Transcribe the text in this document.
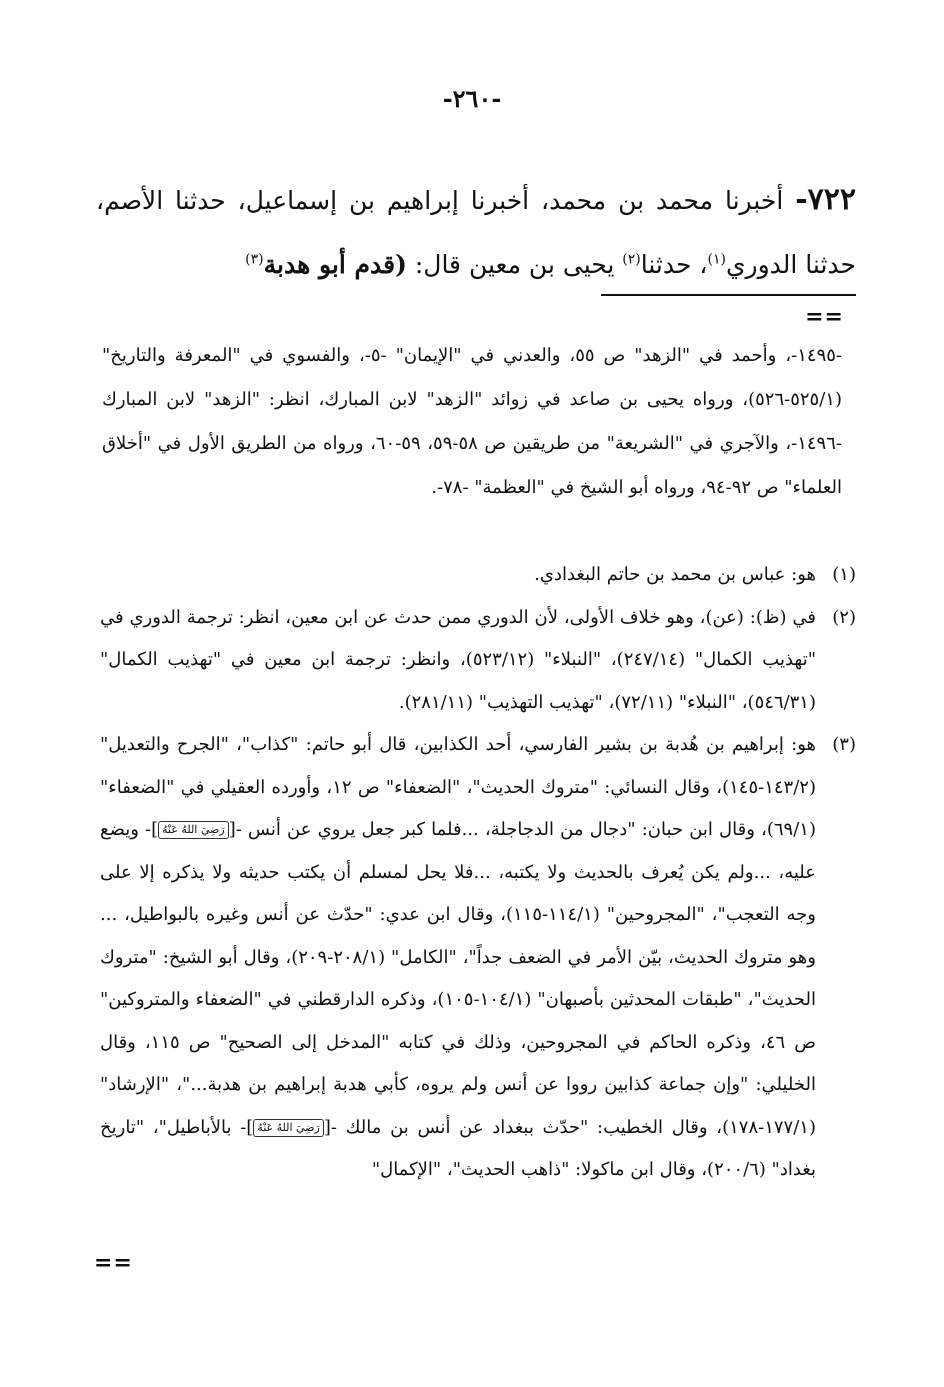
-٢٦٠-
٧٢٢- أخبرنا محمد بن محمد، أخبرنا إبراهيم بن إسماعيل، حدثنا الأصم، حدثنا الدوري$^{(١)}$، حدثنا$^{(٢)}$ يحيى بن معين قال: (قدم أبو هدبة$^{(٣)}$
==
-١٤٩٥-، وأحمد في "الزهد" ص ٥٥، والعدني في "الإيمان" -٥-، والفسوي في "المعرفة والتاريخ" (٥٢٥/١-٥٢٦)، ورواه يحيى بن صاعد في زوائد "الزهد" لابن المبارك، انظر: "الزهد" لابن المبارك -١٤٩٦-، والآجري في "الشريعة" من طريقين ص ٥٨-٥٩، ٥٩-٦٠، ورواه من الطريق الأول في "أخلاق العلماء" ص ٩٢-٩٤، ورواه أبو الشيخ في "العظمة" -٧٨-.

(١)
هو: عباس بن محمد بن حاتم البغدادي.

(٢)
في (ظ): (عن)، وهو خلاف الأولى، لأن الدوري ممن حدث عن ابن معين، انظر: ترجمة الدوري في "تهذيب الكمال" (٢٤٧/١٤)، "النبلاء" (٥٢٣/١٢)، وانظر: ترجمة ابن معين في "تهذيب الكمال" (٥٤٦/٣١)، "النبلاء" (٧٢/١١)، "تهذيب التهذيب" (٢٨١/١١).

(٣)
هو: إبراهيم بن هُدبة بن بشير الفارسي، أحد الكذابين، قال أبو حاتم: "كذاب"، "الجرح والتعديل" (١٤٣/٢-١٤٥)، وقال النسائي: "متروك الحديث"، "الضعفاء" ص ١٢، وأورده العقيلي في "الضعفاء" (٦٩/١)، وقال ابن حبان: "دجال من الدجاجلة، ...فلما كبر جعل يروي عن أنس -[رَضِيَ اللهُ عَنْهُ]- ويضع عليه، ...ولم يكن يُعرف بالحديث ولا يكتبه، ...فلا يحل لمسلم أن يكتب حديثه ولا يذكره إلا على وجه التعجب"، "المجروحين" (١١٤/١-١١٥)، وقال ابن عدي: "حدّث عن أنس وغيره بالبواطيل، ... وهو متروك الحديث، بيّن الأمر في الضعف جداً"، "الكامل" (٢٠٨/١-٢٠٩)، وقال أبو الشيخ: "متروك الحديث"، "طبقات المحدثين بأصبهان" (١٠٤/١-١٠٥)، وذكره الدارقطني في "الضعفاء والمتروكين" ص ٤٦، وذكره الحاكم في المجروحين، وذلك في كتابه "المدخل إلى الصحيح" ص ١١٥، وقال الخليلي: "وإن جماعة كذابين رووا عن أنس ولم يروه، كأبي هدبة إبراهيم بن هدبة..."، "الإرشاد" (١٧٧/١-١٧٨)، وقال الخطيب: "حدّث ببغداد عن أنس بن مالك -[رَضِيَ اللهُ عَنْهُ]- بالأباطيل"، "تاريخ بغداد" (٢٠٠/٦)، وقال ابن ماكولا: "ذاهب الحديث"، "الإكمال"

==
